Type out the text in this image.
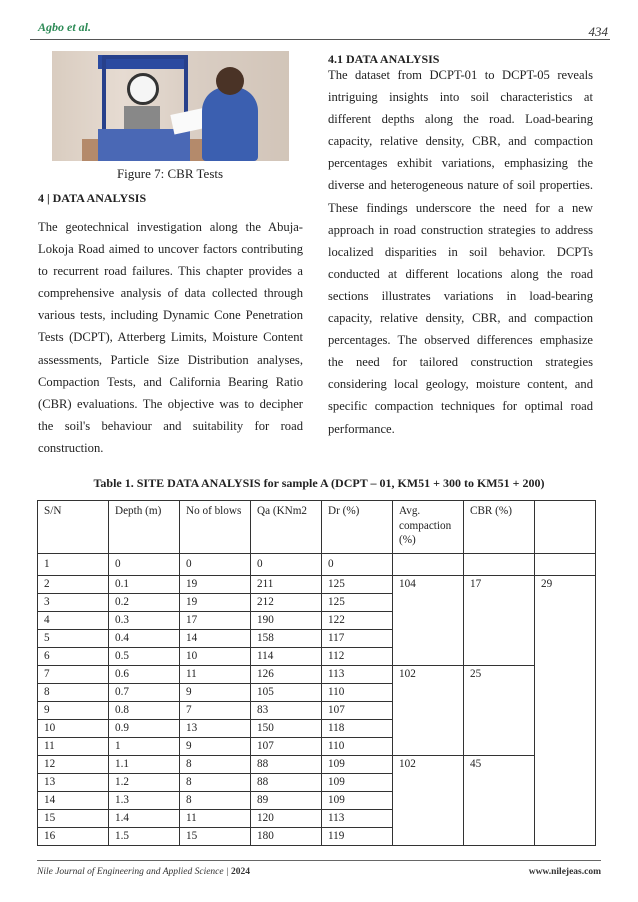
Agbo et al.	434
Figure 7: CBR Tests
4 | DATA ANALYSIS
The geotechnical investigation along the Abuja-Lokoja Road aimed to uncover factors contributing to recurrent road failures. This chapter provides a comprehensive analysis of data collected through various tests, including Dynamic Cone Penetration Tests (DCPT), Atterberg Limits, Moisture Content assessments, Particle Size Distribution analyses, Compaction Tests, and California Bearing Ratio (CBR) evaluations. The objective was to decipher the soil's behaviour and suitability for road construction.
4.1 DATA ANALYSIS
The dataset from DCPT-01 to DCPT-05 reveals intriguing insights into soil characteristics at different depths along the road. Load-bearing capacity, relative density, CBR, and compaction percentages exhibit variations, emphasizing the diverse and heterogeneous nature of soil properties. These findings underscore the need for a new approach in road construction strategies to address localized disparities in soil behavior. DCPTs conducted at different locations along the road sections illustrates variations in load-bearing capacity, relative density, CBR, and compaction percentages. The observed differences emphasize the need for tailored construction strategies considering local geology, moisture content, and specific compaction techniques for optimal road performance.
Table 1. SITE DATA ANALYSIS for sample A (DCPT – 01, KM51 + 300 to KM51 + 200)
S/N	Depth (m)	No of blows	Qa (KNm2	Dr (%)	Avg. compaction (%)	CBR (%)	
1	0	0	0	0			
2	0.1	19	211	125	104	17	29
3	0.2	19	212	125			
4	0.3	17	190	122			
5	0.4	14	158	117			
6	0.5	10	114	112			
7	0.6	11	126	113	102	25	
8	0.7	9	105	110			
9	0.8	7	83	107			
10	0.9	13	150	118			
11	1	9	107	110			
12	1.1	8	88	109	102	45	
13	1.2	8	88	109			
14	1.3	8	89	109			
15	1.4	11	120	113			
16	1.5	15	180	119			
Nile Journal of Engineering and Applied Science | 2024	www.nilejeas.com
